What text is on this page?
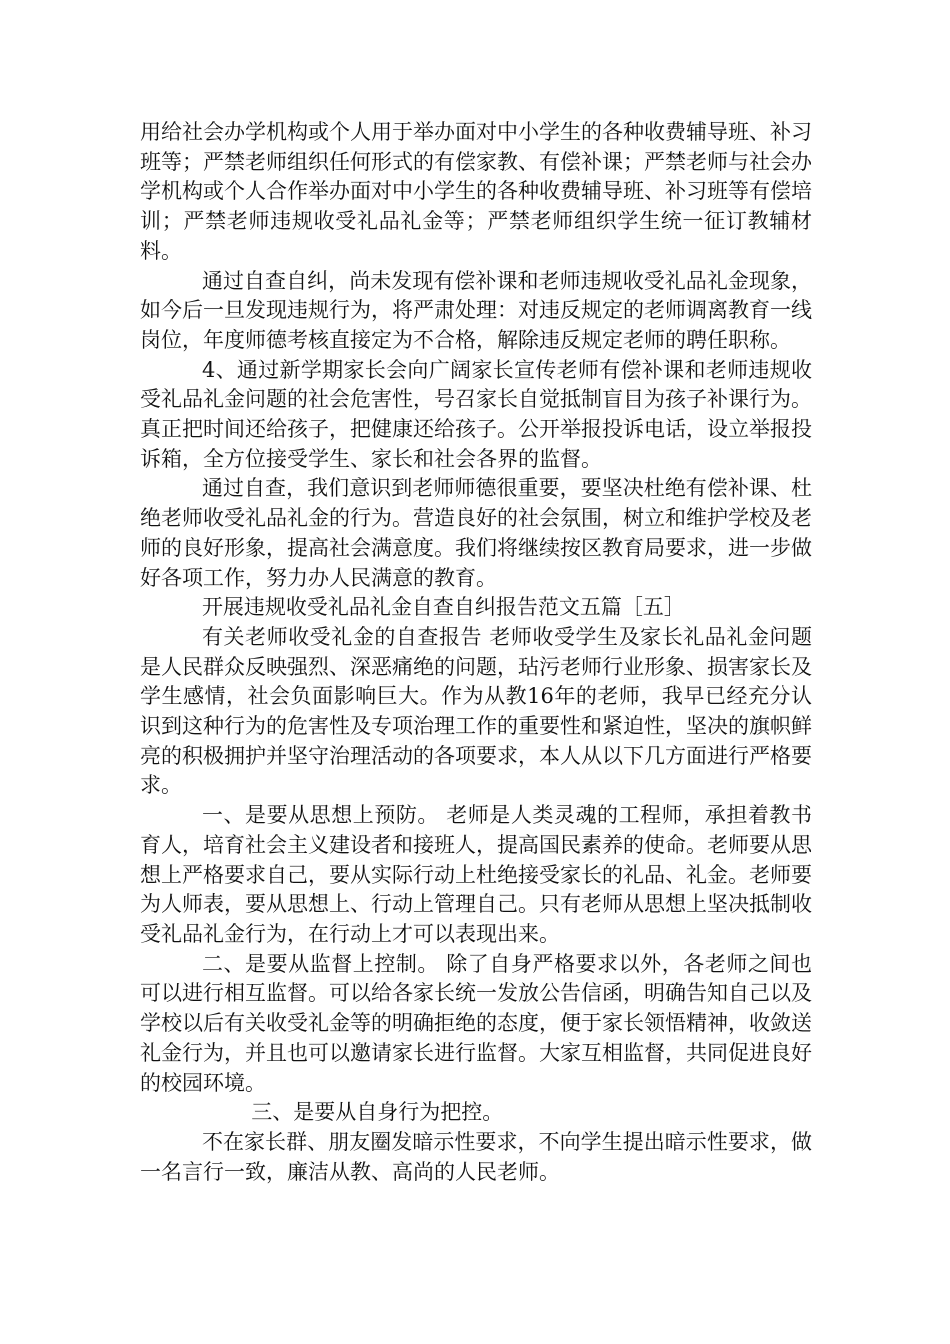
用给社会办学机构或个人用于举办面对中小学生的各种收费辅导班、补习班等；严禁老师组织任何形式的有偿家教、有偿补课；严禁老师与社会办学机构或个人合作举办面对中小学生的各种收费辅导班、补习班等有偿培训；严禁老师违规收受礼品礼金等；严禁老师组织学生统一征订教辅材料。

通过自查自纠，尚未发现有偿补课和老师违规收受礼品礼金现象，如今后一旦发现违规行为，将严肃处理：对违反规定的老师调离教育一线岗位，年度师德考核直接定为不合格，解除违反规定老师的聘任职称。

4、通过新学期家长会向广阔家长宣传老师有偿补课和老师违规收受礼品礼金问题的社会危害性，号召家长自觉抵制盲目为孩子补课行为。真正把时间还给孩子，把健康还给孩子。公开举报投诉电话，设立举报投诉箱，全方位接受学生、家长和社会各界的监督。

通过自查，我们意识到老师师德很重要，要坚决杜绝有偿补课、杜绝老师收受礼品礼金的行为。营造良好的社会氛围，树立和维护学校及老师的良好形象，提高社会满意度。我们将继续按区教育局要求，进一步做好各项工作，努力办人民满意的教育。

开展违规收受礼品礼金自查自纠报告范文五篇［五］

有关老师收受礼金的自查报告 老师收受学生及家长礼品礼金问题是人民群众反映强烈、深恶痛绝的问题，玷污老师行业形象、损害家长及学生感情，社会负面影响巨大。作为从教16年的老师，我早已经充分认识到这种行为的危害性及专项治理工作的重要性和紧迫性，坚决的旗帜鲜亮的积极拥护并坚守治理活动的各项要求，本人从以下几方面进行严格要求。

一、是要从思想上预防。 老师是人类灵魂的工程师，承担着教书育人，培育社会主义建设者和接班人，提高国民素养的使命。老师要从思想上严格要求自己，要从实际行动上杜绝接受家长的礼品、礼金。老师要为人师表，要从思想上、行动上管理自己。只有老师从思想上坚决抵制收受礼品礼金行为，在行动上才可以表现出来。

二、是要从监督上控制。 除了自身严格要求以外，各老师之间也可以进行相互监督。可以给各家长统一发放公告信函，明确告知自己以及学校以后有关收受礼金等的明确拒绝的态度，便于家长领悟精神，收敛送礼金行为，并且也可以邀请家长进行监督。大家互相监督，共同促进良好的校园环境。

三、是要从自身行为把控。

不在家长群、朋友圈发暗示性要求，不向学生提出暗示性要求，做一名言行一致，廉洁从教、高尚的人民老师。
